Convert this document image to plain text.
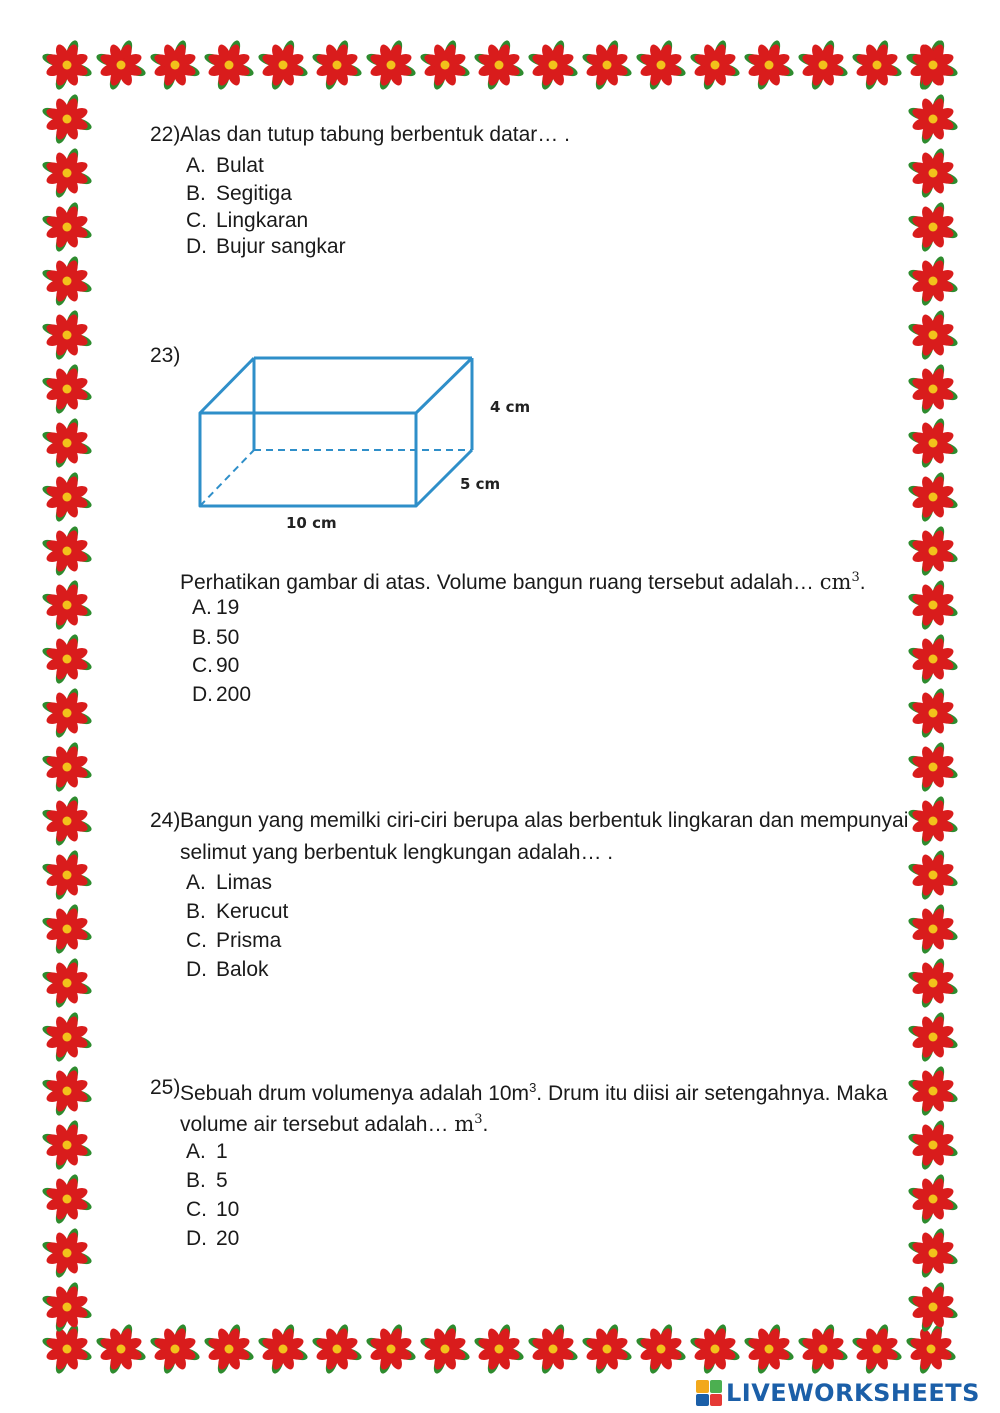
22) Alas dan tutup tabung berbentuk datar… .
A. Bulat
B. Segitiga
C. Lingkaran
D. Bujur sangkar
23)
Perhatikan gambar di atas. Volume bangun ruang tersebut adalah… $cm^3$.
A. 19
B. 50
C. 90
D. 200
4 cm
5 cm
10 cm
24) Bangun yang memilki ciri-ciri berupa alas berbentuk lingkaran dan mempunyai
selimut yang berbentuk lengkungan adalah… .
A. Limas
B. Kerucut
C. Prisma
D. Balok
25) Sebuah drum volumenya adalah $10m^3$. Drum itu diisi air setengahnya. Maka
volume air tersebut adalah… $m^3$.
A. 1
B. 5
C. 10
D. 20
LIVEWORKSHEETS
